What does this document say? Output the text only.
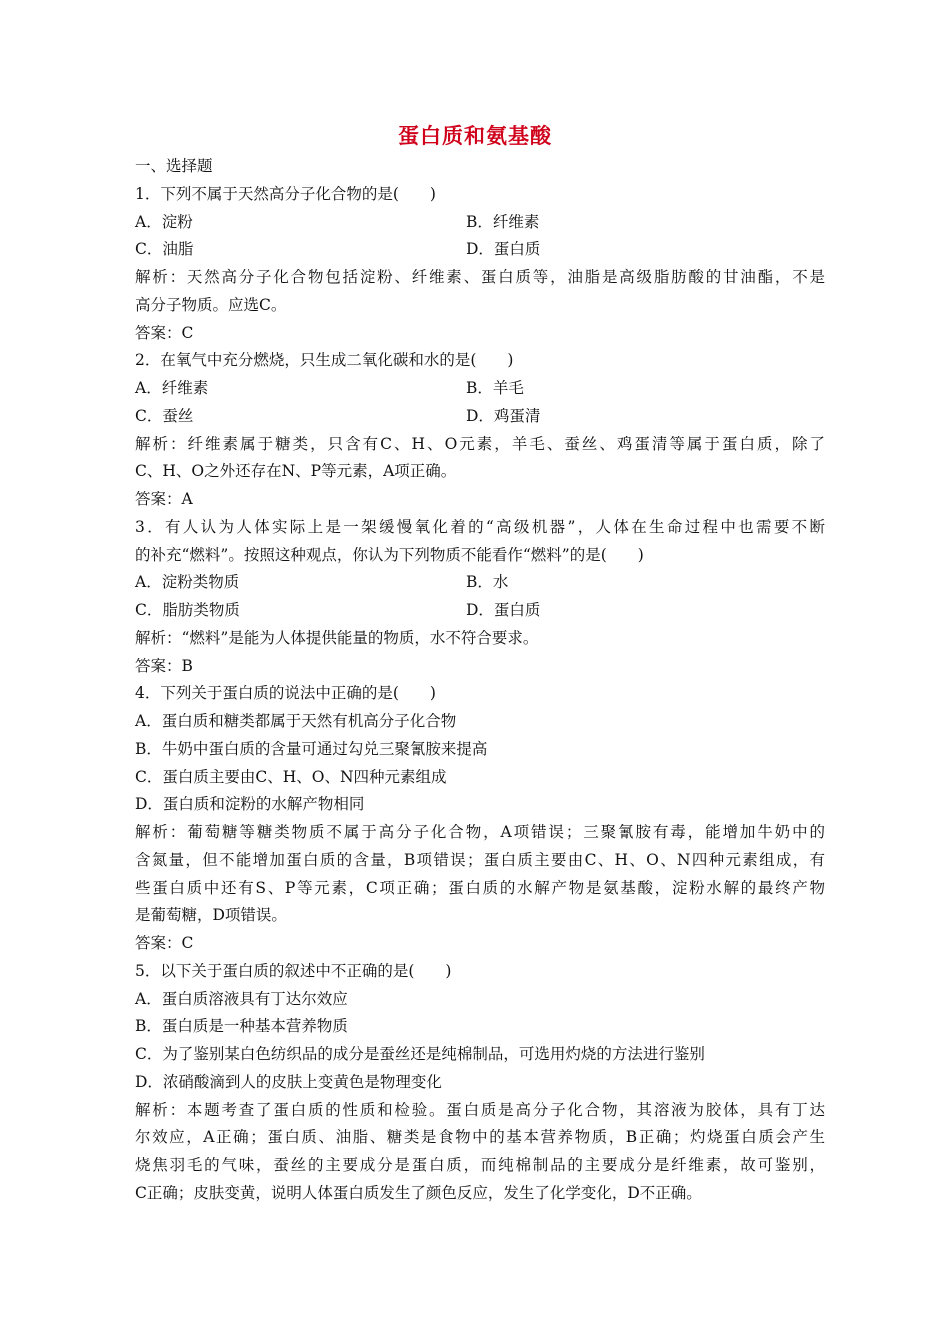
蛋白质和氨基酸
一、选择题
1．下列不属于天然高分子化合物的是(　　)
A．淀粉	B．纤维素
C．油脂	D．蛋白质
解析：天然高分子化合物包括淀粉、纤维素、蛋白质等，油脂是高级脂肪酸的甘油酯，不是
高分子物质。应选C。
答案：C
2．在氧气中充分燃烧，只生成二氧化碳和水的是(　　)
A．纤维素	B．羊毛
C．蚕丝	D．鸡蛋清
解析：纤维素属于糖类，只含有C、H、O元素，羊毛、蚕丝、鸡蛋清等属于蛋白质，除了
C、H、O之外还存在N、P等元素，A项正确。
答案：A
3．有人认为人体实际上是一架缓慢氧化着的“高级机器”，人体在生命过程中也需要不断
的补充“燃料”。按照这种观点，你认为下列物质不能看作“燃料”的是(　　)
A．淀粉类物质	B．水
C．脂肪类物质	D．蛋白质
解析：“燃料”是能为人体提供能量的物质，水不符合要求。
答案：B
4．下列关于蛋白质的说法中正确的是(　　)
A．蛋白质和糖类都属于天然有机高分子化合物
B．牛奶中蛋白质的含量可通过勾兑三聚氰胺来提高
C．蛋白质主要由C、H、O、N四种元素组成
D．蛋白质和淀粉的水解产物相同
解析：葡萄糖等糖类物质不属于高分子化合物，A项错误；三聚氰胺有毒，能增加牛奶中的
含氮量，但不能增加蛋白质的含量，B项错误；蛋白质主要由C、H、O、N四种元素组成，有
些蛋白质中还有S、P等元素，C项正确；蛋白质的水解产物是氨基酸，淀粉水解的最终产物
是葡萄糖，D项错误。
答案：C
5．以下关于蛋白质的叙述中不正确的是(　　)
A．蛋白质溶液具有丁达尔效应
B．蛋白质是一种基本营养物质
C．为了鉴别某白色纺织品的成分是蚕丝还是纯棉制品，可选用灼烧的方法进行鉴别
D．浓硝酸滴到人的皮肤上变黄色是物理变化
解析：本题考查了蛋白质的性质和检验。蛋白质是高分子化合物，其溶液为胶体，具有丁达
尔效应，A正确；蛋白质、油脂、糖类是食物中的基本营养物质，B正确；灼烧蛋白质会产生
烧焦羽毛的气味，蚕丝的主要成分是蛋白质，而纯棉制品的主要成分是纤维素，故可鉴别，
C正确；皮肤变黄，说明人体蛋白质发生了颜色反应，发生了化学变化，D不正确。
